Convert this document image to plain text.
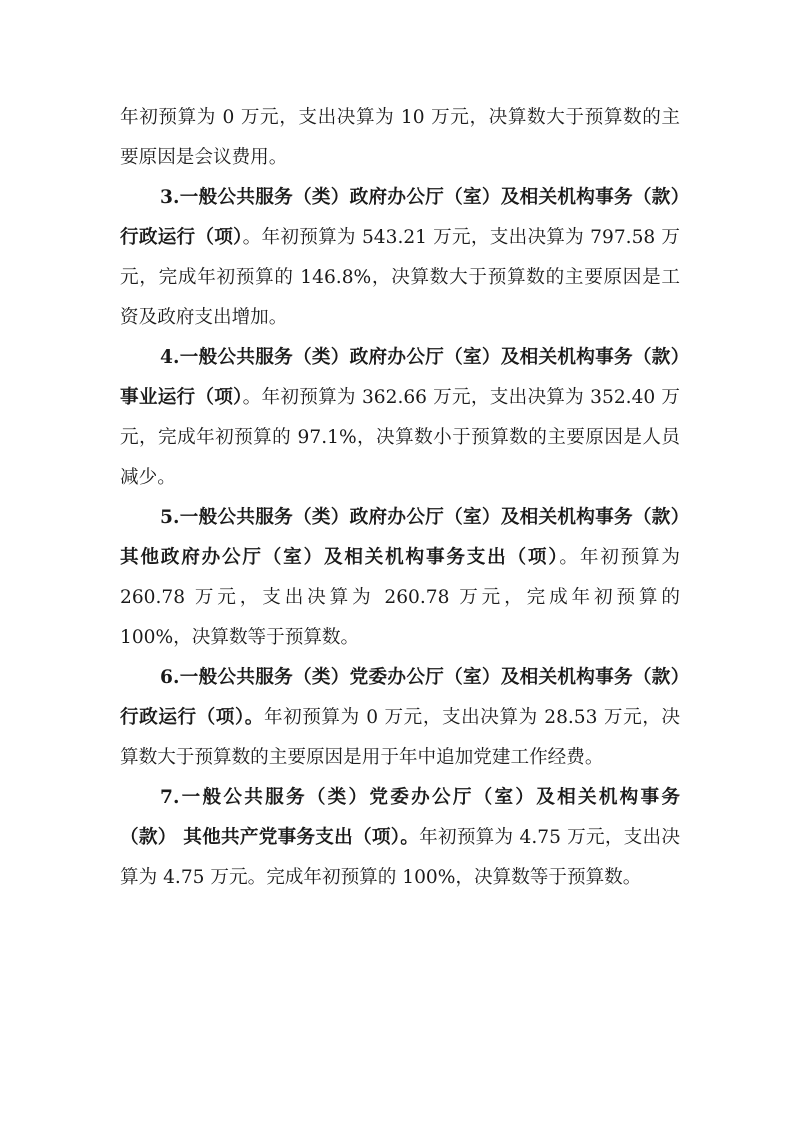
年初预算为 0 万元，支出决算为 10 万元，决算数大于预算数的主要原因是会议费用。

3.一般公共服务（类）政府办公厅（室）及相关机构事务（款）行政运行（项）。年初预算为 543.21 万元，支出决算为 797.58 万元，完成年初预算的 146.8%，决算数大于预算数的主要原因是工资及政府支出增加。

4.一般公共服务（类）政府办公厅（室）及相关机构事务（款）事业运行（项）。年初预算为 362.66 万元，支出决算为 352.40 万元，完成年初预算的 97.1%，决算数小于预算数的主要原因是人员减少。

5.一般公共服务（类）政府办公厅（室）及相关机构事务（款）其他政府办公厅（室）及相关机构事务支出（项）。年初预算为 260.78 万元，支出决算为 260.78 万元，完成年初预算的 100%，决算数等于预算数。

6.一般公共服务（类）党委办公厅（室）及相关机构事务（款）行政运行（项）。年初预算为 0 万元，支出决算为 28.53 万元，决算数大于预算数的主要原因是用于年中追加党建工作经费。

7.一般公共服务（类）党委办公厅（室）及相关机构事务（款） 其他共产党事务支出（项）。年初预算为 4.75 万元，支出决算为 4.75 万元。完成年初预算的 100%，决算数等于预算数。
